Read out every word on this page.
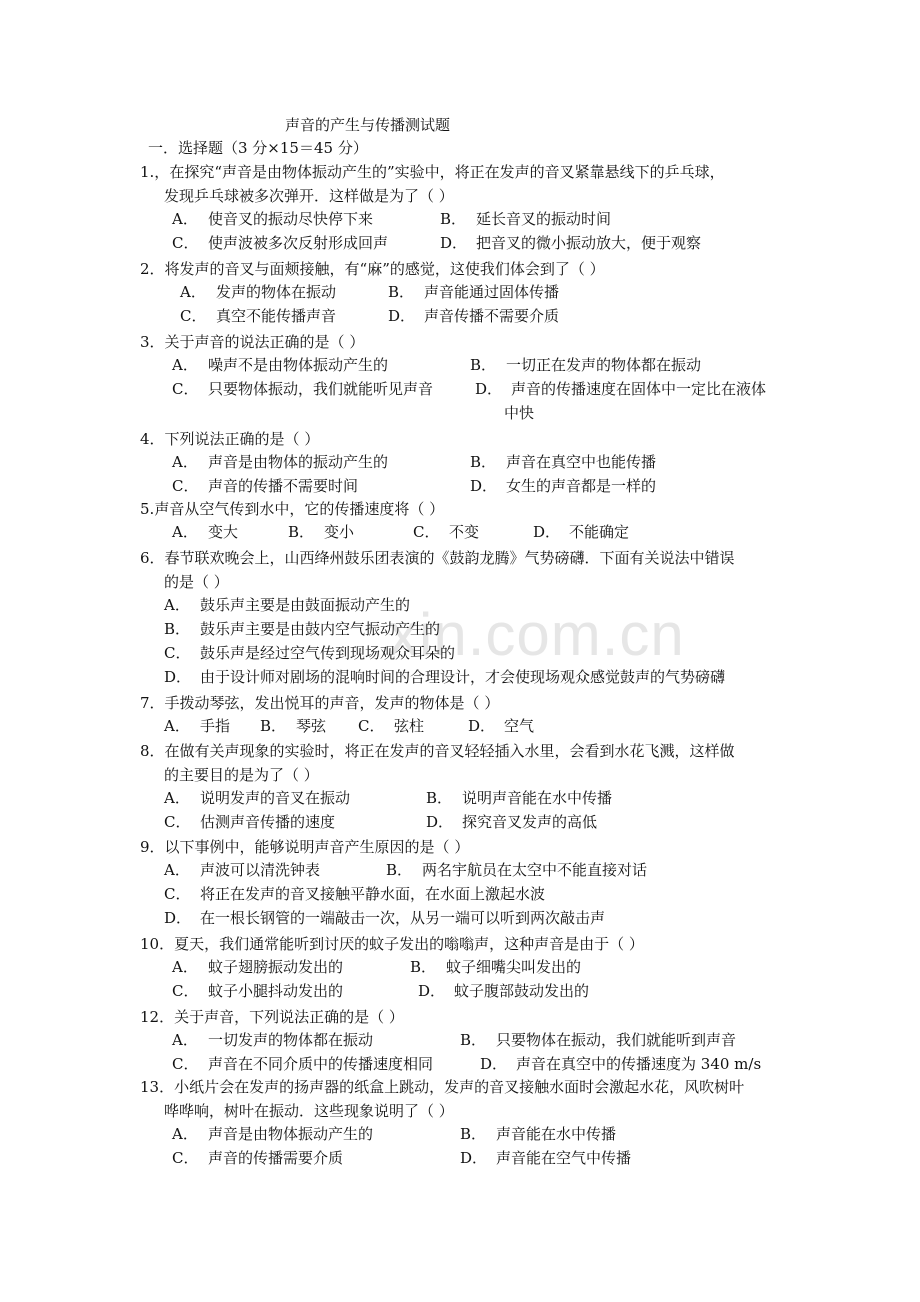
声音的产生与传播测试题
一．选择题（3 分×15＝45 分）
xin.com.cn
1.，在探究“声音是由物体振动产生的”实验中，将正在发声的音叉紧靠悬线下的乒乓球，
发现乒乓球被多次弹开．这样做是为了（ ）
A． 使音叉的振动尽快停下来	B． 延长音叉的振动时间
C． 使声波被多次反射形成回声	D． 把音叉的微小振动放大，便于观察
2．将发声的音叉与面颊接触，有“麻”的感觉，这使我们体会到了（ ）
A． 发声的物体在振动	B． 声音能通过固体传播
C． 真空不能传播声音	D． 声音传播不需要介质
3．关于声音的说法正确的是（ ）
A． 噪声不是由物体振动产生的	B． 一切正在发声的物体都在振动
C． 只要物体振动，我们就能听见声音	D． 声音的传播速度在固体中一定比在液体
中快
4．下列说法正确的是（ ）
A． 声音是由物体的振动产生的	B． 声音在真空中也能传播
C． 声音的传播不需要时间	D． 女生的声音都是一样的
5.声音从空气传到水中，它的传播速度将（ ）
A． 变大	B． 变小	C． 不变	D． 不能确定
6．春节联欢晚会上，山西绛州鼓乐团表演的《鼓韵龙腾》气势磅礴．下面有关说法中错误
的是（ ）
A． 鼓乐声主要是由鼓面振动产生的
B． 鼓乐声主要是由鼓内空气振动产生的
C． 鼓乐声是经过空气传到现场观众耳朵的
D． 由于设计师对剧场的混响时间的合理设计，才会使现场观众感觉鼓声的气势磅礴
7．手拨动琴弦，发出悦耳的声音，发声的物体是（ ）
A． 手指 B． 琴弦 C． 弦柱	D． 空气
8．在做有关声现象的实验时，将正在发声的音叉轻轻插入水里，会看到水花飞溅，这样做
的主要目的是为了（ ）
A． 说明发声的音叉在振动	B． 说明声音能在水中传播
C． 估测声音传播的速度	D． 探究音叉发声的高低
9．以下事例中，能够说明声音产生原因的是（ ）
A． 声波可以清洗钟表	B． 两名宇航员在太空中不能直接对话
C． 将正在发声的音叉接触平静水面，在水面上激起水波
D． 在一根长钢管的一端敲击一次，从另一端可以听到两次敲击声
10．夏天，我们通常能听到讨厌的蚊子发出的嗡嗡声，这种声音是由于（ ）
A． 蚊子翅膀振动发出的	B． 蚊子细嘴尖叫发出的
C． 蚊子小腿抖动发出的	D． 蚊子腹部鼓动发出的
12．关于声音，下列说法正确的是（ ）
A． 一切发声的物体都在振动	B． 只要物体在振动，我们就能听到声音
C． 声音在不同介质中的传播速度相同	D． 声音在真空中的传播速度为 340 m/s
13．小纸片会在发声的扬声器的纸盒上跳动，发声的音叉接触水面时会激起水花，风吹树叶
哗哗响，树叶在振动．这些现象说明了（ ）
A． 声音是由物体振动产生的	B． 声音能在水中传播
C． 声音的传播需要介质	D． 声音能在空气中传播
